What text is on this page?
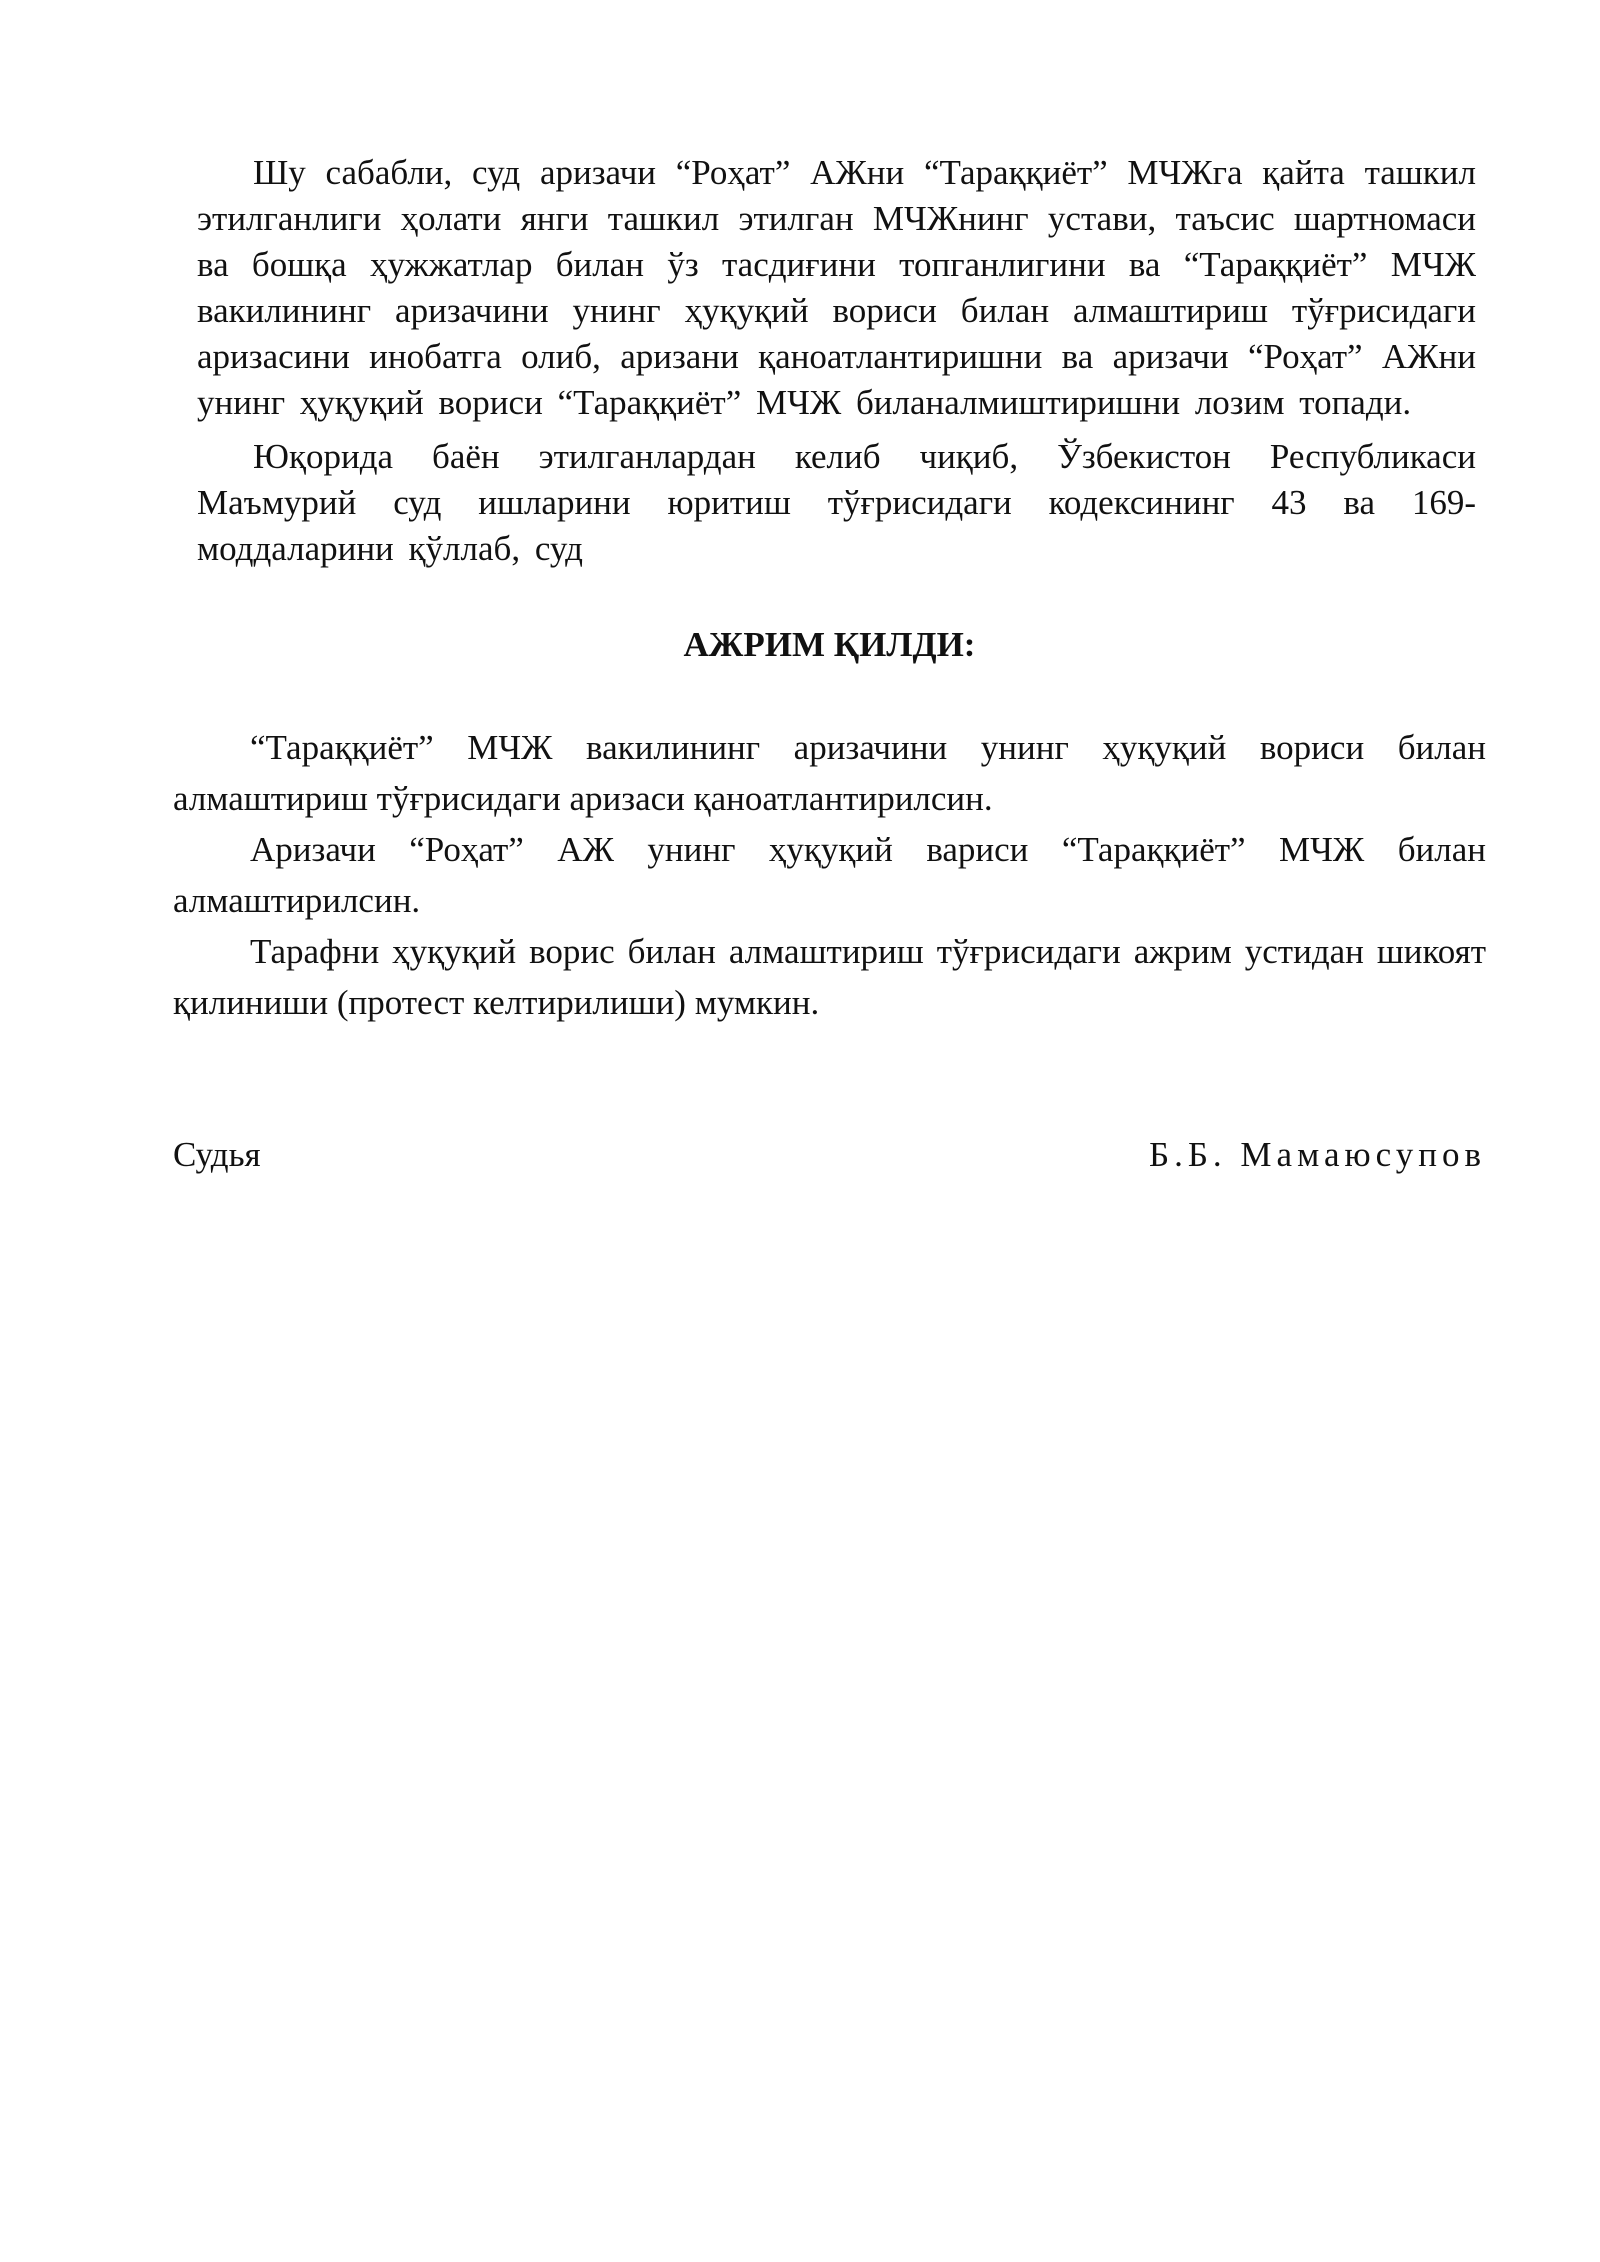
Шу сабабли, суд аризачи “Роҳат” АЖни “Тараққиёт” МЧЖга қайта ташкил этилганлиги ҳолати янги ташкил этилган МЧЖнинг устави, таъсис шартномаси ва бошқа ҳужжатлар билан ўз тасдиғини топганлигини ва “Тараққиёт” МЧЖ вакилининг аризачини унинг ҳуқуқий вориси билан алмаштириш тўғрисидаги аризасини инобатга олиб, аризани қаноатлантиришни ва аризачи “Роҳат” АЖни унинг ҳуқуқий вориси “Тараққиёт” МЧЖ биланалмиштиришни лозим топади.

Юқорида баён этилганлардан келиб чиқиб, Ўзбекистон Республикаси Маъмурий суд ишларини юритиш тўғрисидаги кодексининг 43 ва 169-моддаларини қўллаб, суд

АЖРИМ ҚИЛДИ:

“Тараққиёт” МЧЖ вакилининг аризачини унинг ҳуқуқий вориси билан алмаштириш тўғрисидаги аризаси қаноатлантирилсин.

Аризачи “Роҳат” АЖ унинг ҳуқуқий вариси “Тараққиёт” МЧЖ билан алмаштирилсин.

Тарафни ҳуқуқий ворис билан алмаштириш тўғрисидаги ажрим устидан шикоят қилиниши (протест келтирилиши) мумкин.

Судья	Б.Б. Мамаюсупов
